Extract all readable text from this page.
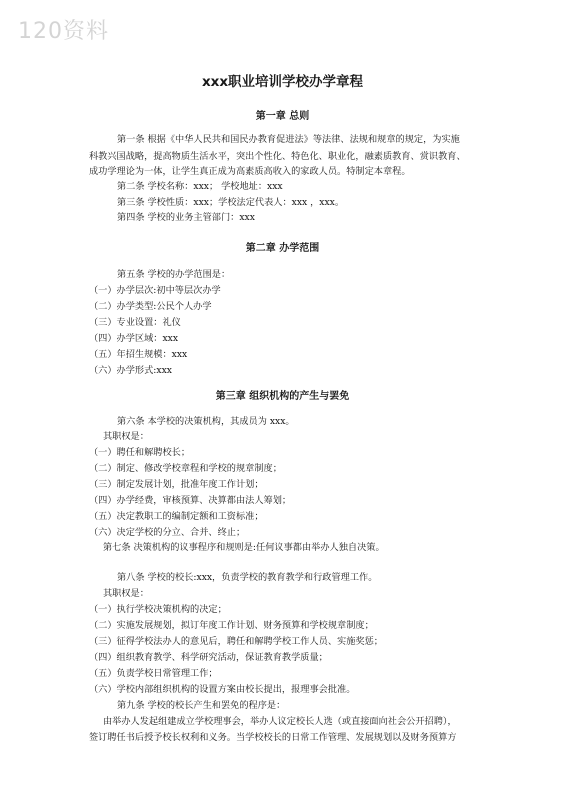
120资料
xxx职业培训学校办学章程
第一章 总则
第一条 根据《中华人民共和国民办教育促进法》等法律、法规和规章的规定，为实施
科教兴国战略，提高物质生活水平，突出个性化、特色化、职业化，融素质教育、赏识教育、
成功学理论为一体，让学生真正成为高素质高收入的家政人员。特制定本章程。
第二条 学校名称：xxx； 学校地址：xxx
第三条 学校性质：xxx；学校法定代表人：xxx ，xxx。
第四条 学校的业务主管部门：xxx
第二章 办学范围
第五条 学校的办学范围是：
（一）办学层次:初中等层次办学
（二）办学类型:公民个人办学
（三）专业设置：礼仪
（四）办学区域：xxx
（五）年招生规模：xxx
（六）办学形式:xxx
第三章 组织机构的产生与罢免
第六条 本学校的决策机构，其成员为 xxx。
其职权是：
（一）聘任和解聘校长；
（二）制定、修改学校章程和学校的规章制度；
（三）制定发展计划，批准年度工作计划；
（四）办学经费，审核预算、决算都由法人筹划；
（五）决定教职工的编制定额和工资标准；
（六）决定学校的分立、合并、终止；
第七条 决策机构的议事程序和规则是:任何议事都由举办人独自决策。
第八条 学校的校长:xxx，负责学校的教育教学和行政管理工作。
其职权是：
（一）执行学校决策机构的决定；
（二）实施发展规划，拟订年度工作计划、财务预算和学校规章制度；
（三）征得学校法办人的意见后，聘任和解聘学校工作人员、实施奖惩；
（四）组织教育教学、科学研究活动，保证教育教学质量；
（五）负责学校日常管理工作；
（六）学校内部组织机构的设置方案由校长提出，报理事会批准。
第九条 学校的校长产生和罢免的程序是：
由举办人发起组建成立学校理事会，举办人议定校长人选（或直接面向社会公开招聘），
签订聘任书后授予校长权利和义务。当学校校长的日常工作管理、发展规划以及财务预算方
